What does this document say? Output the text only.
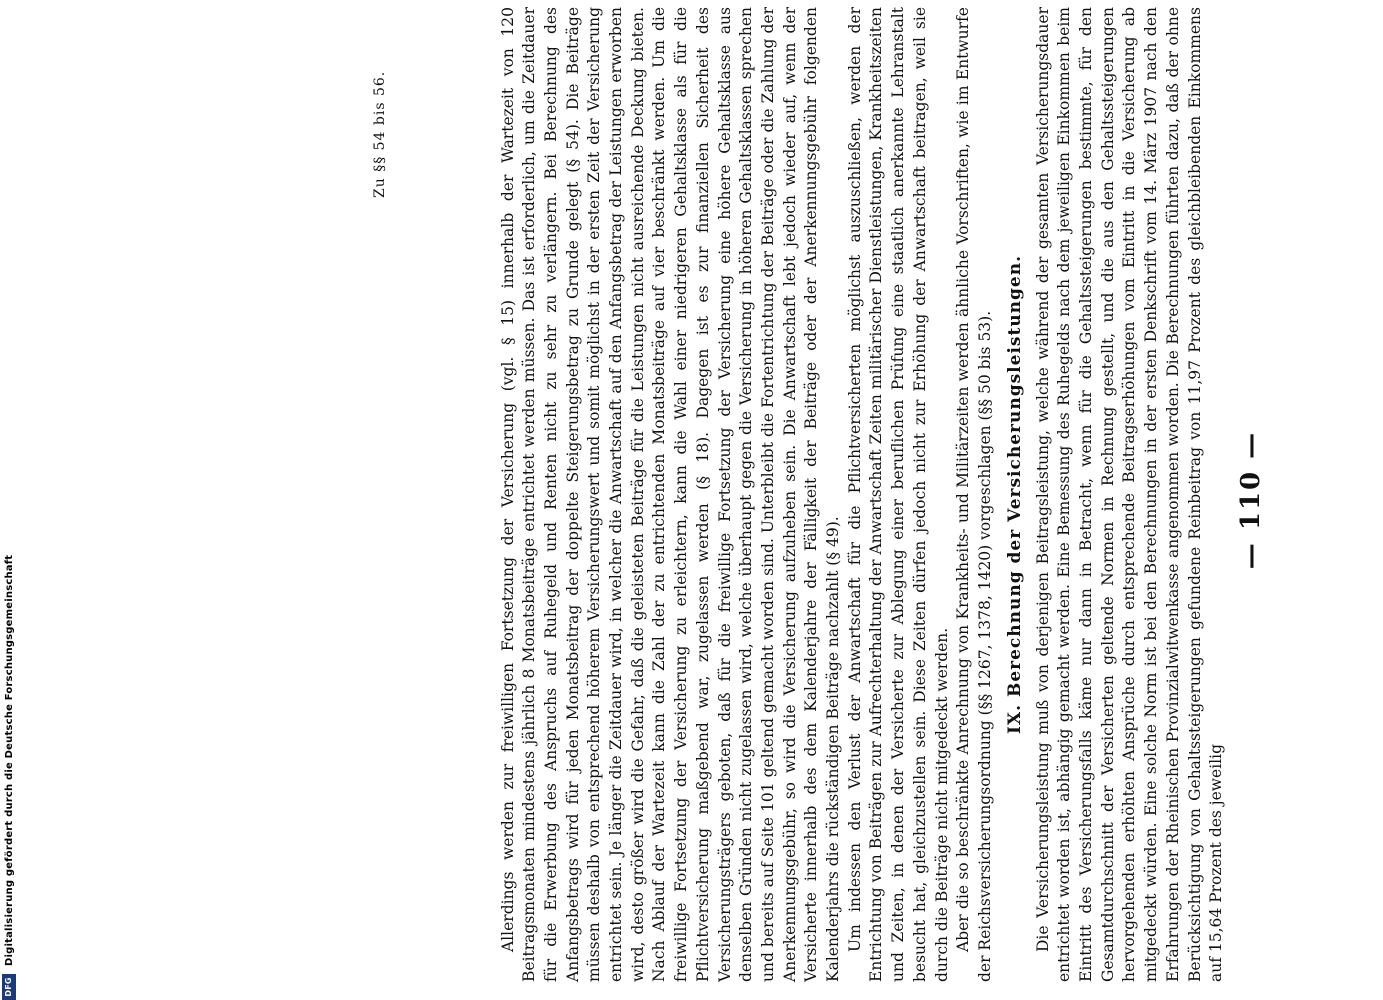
DFG
Digitalisierung gefördert durch die Deutsche Forschungsgemeinschaft	Allerdings werden zur freiwilligen Fortsetzung der Versicherung (vgl. § 15) innerhalb der Wartezeit von 120 Beitragsmonaten mindestens jährlich 8 Monatsbeiträge entrichtet werden müssen. Das ist erforderlich, um die Zeitdauer für die Erwerbung des Anspruchs auf Ruhegeld und Renten nicht zu sehr zu verlängern. Bei Berechnung des Anfangsbetrags wird für jeden Monatsbeitrag der doppelte Steigerungsbetrag zu Grunde gelegt (§ 54). Die Beiträge müssen deshalb von entsprechend höherem Versicherungswert und somit möglichst in der ersten Zeit der Versicherung entrichtet sein. Je länger die Zeitdauer wird, in welcher die Anwartschaft auf den Anfangsbetrag der Leistungen erworben wird, desto größer wird die Gefahr, daß die geleisteten Beiträge für die Leistungen nicht ausreichende Deckung bieten. Nach Ablauf der Wartezeit kann die Zahl der zu entrichtenden Monatsbeiträge auf vier beschränkt werden. Um die freiwillige Fortsetzung der Versicherung zu erleichtern, kann die Wahl einer niedrigeren Gehaltsklasse als für die Pflichtversicherung maßgebend war, zugelassen werden (§ 18). Dagegen ist es zur finanziellen Sicherheit des Versicherungsträgers geboten, daß für die freiwillige Fortsetzung der Versicherung eine höhere Gehaltsklasse aus denselben Gründen nicht zugelassen wird, welche überhaupt gegen die Versicherung in höheren Gehaltsklassen sprechen und bereits auf Seite 101 geltend gemacht worden sind. Unterbleibt die Fortentrichtung der Beiträge oder die Zahlung der Anerkennungsgebühr, so wird die Versicherung aufzuheben sein. Die Anwartschaft lebt jedoch wieder auf, wenn der Versicherte innerhalb des dem Kalenderjahre der Fälligkeit der Beiträge oder der Anerkennungsgebühr folgenden Kalenderjahrs die rückständigen Beiträge nachzahlt (§ 49). Um indessen den Verlust der Anwartschaft für die Pflichtversicherten möglichst auszuschließen, werden der Entrichtung von Beiträgen zur Aufrechterhaltung der Anwartschaft Zeiten militärischer Dienstleistungen, Krankheitszeiten und Zeiten, in denen der Versicherte zur Ablegung einer beruflichen Prüfung eine staatlich anerkannte Lehranstalt besucht hat, gleichzustellen sein. Diese Zeiten dürfen jedoch nicht zur Erhöhung der Anwartschaft beitragen, weil sie durch die Beiträge nicht mitgedeckt werden. Aber die so beschränkte Anrechnung von Krankheits- und Militärzeiten werden ähnliche Vorschriften, wie im Entwurfe der Reichsversicherungsordnung (§§ 1267, 1378, 1420) vorgeschlagen (§§ 50 bis 53). IX. Berechnung der Versicherungsleistungen. Die Versicherungsleistung muß von derjenigen Beitragsleistung, welche während der gesamten Versicherungsdauer entrichtet worden ist, abhängig gemacht werden. Eine Bemessung des Ruhegelds nach dem jeweiligen Einkommen beim Eintritt des Versicherungsfalls käme nur dann in Betracht, wenn für die Gehaltssteigerungen bestimmte, für den Gesamtdurchschnitt der Versicherten geltende Normen in Rechnung gestellt, und die aus den Gehaltssteigerungen hervorgehenden erhöhten Ansprüche durch entsprechende Beitragserhöhungen vom Eintritt in die Versicherung ab mitgedeckt würden. Eine solche Norm ist bei den Berechnungen in der ersten Denkschrift vom 14. März 1907 nach den Erfahrungen der Rheinischen Provinzialwitwenkasse angenommen worden. Die Berechnungen führten dazu, daß der ohne Berücksichtigung von Gehaltssteigerungen gefundene Reinbeitrag von 11,97 Prozent des gleichbleibenden Einkommens auf 15,64 Prozent des jeweilig

Zu §§ 54 bis 56.
— 110 —
